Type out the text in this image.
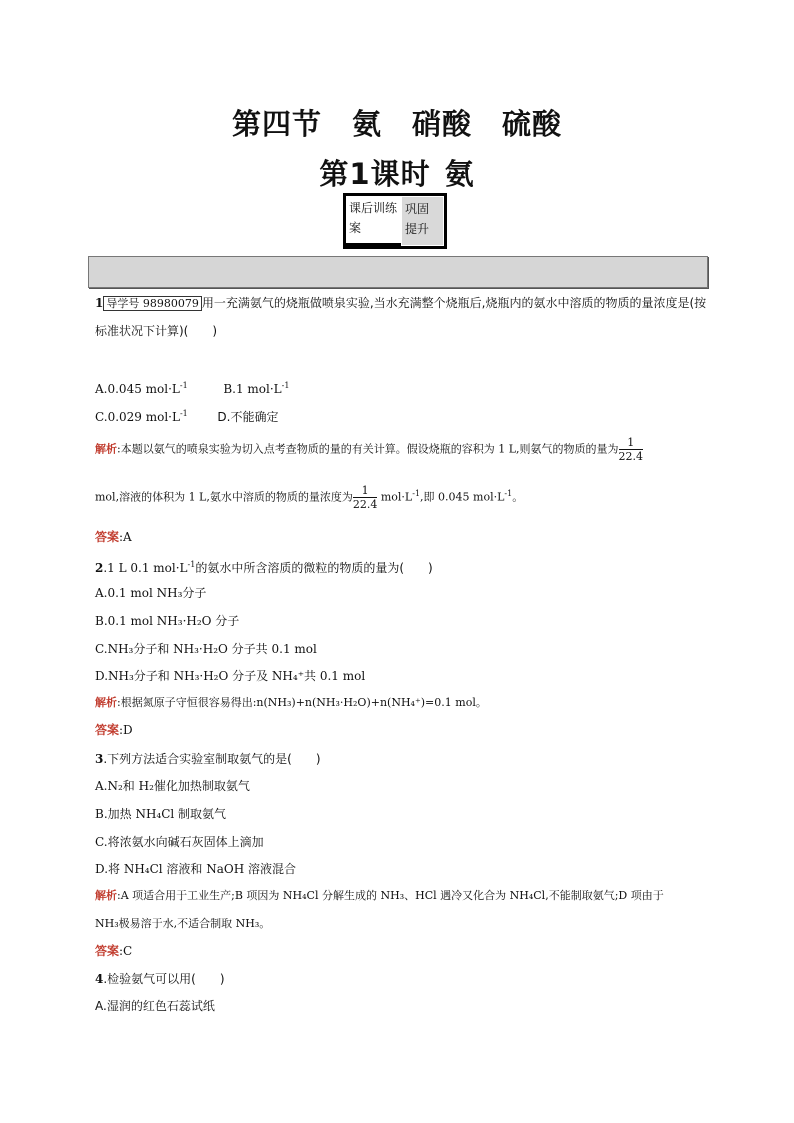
第四节　氨　硝酸　硫酸
第1课时 氨
课后训练案
巩固提升
1 导学号 98980079 用一充满氨气的烧瓶做喷泉实验,当水充满整个烧瓶后,烧瓶内的氨水中溶质的物质的量浓度是(按
标准状况下计算)(　　)
A.0.045 $mol\cdot L^{-1}$	B.1 $mol\cdot L^{-1}$
C.0.029 $mol\cdot L^{-1}$ D.不能确定
解析:本题以氨气的喷泉实验为切入点考查物质的量的有关计算。假设烧瓶的容积为 1 L,则氨气的物质的量为 $\frac{1}{22.4}$
mol,溶液的体积为 1 L,氨水中溶质的物质的量浓度为 $\frac{1}{22.4} mol\cdot L^{-1}$,即 0.045 $mol\cdot L^{-1}$。
答案:A
2.1 L 0.1 $mol\cdot L^{-1}$的氨水中所含溶质的微粒的物质的量为(　　)
A.0.1 mol NH₃分子
B.0.1 mol NH₃·H₂O 分子
C.NH₃分子和 NH₃·H₂O 分子共 0.1 mol
D.NH₃分子和 NH₃·H₂O 分子及 NH₄⁺共 0.1 mol
解析:根据氮原子守恒很容易得出:n(NH₃)+n(NH₃·H₂O)+n(NH₄⁺)=0.1 mol。
答案:D
3.下列方法适合实验室制取氨气的是(　　)
A.N₂和 H₂催化加热制取氨气
B.加热 NH₄Cl 制取氨气
C.将浓氨水向碱石灰固体上滴加
D.将 NH₄Cl 溶液和 NaOH 溶液混合
解析:A 项适合用于工业生产;B 项因为 NH₄Cl 分解生成的 NH₃、HCl 遇冷又化合为 NH₄Cl,不能制取氨气;D 项由于
NH₃极易溶于水,不适合制取 NH₃。
答案:C
4.检验氨气可以用(　　)
A.湿润的红色石蕊试纸
